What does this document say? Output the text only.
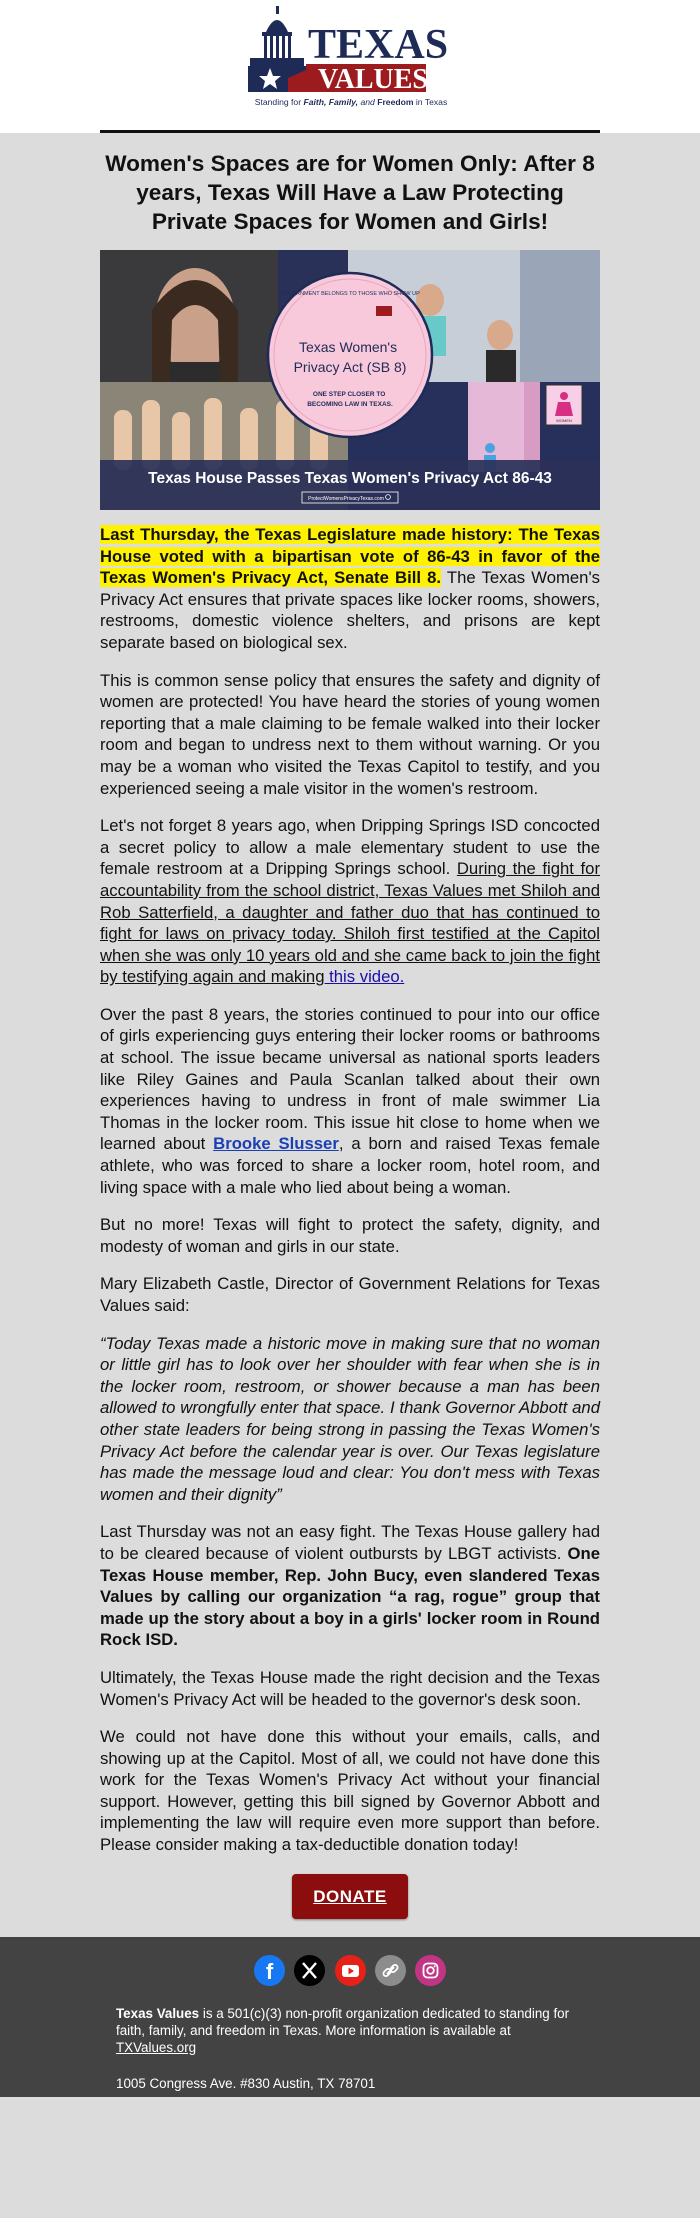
TEXAS
VALUES
Standing for Faith, Family, and Freedom in Texas
Women's Spaces are for Women Only: After 8 years, Texas Will Have a Law Protecting Private Spaces for Women and Girls!
WOMEN
GOVERNMENT BELONGS TO THOSE WHO SHOW UP
Texas Women's Privacy Act (SB 8)
ONE STEP CLOSER TO BECOMING LAW IN TEXAS.
Texas House Passes Texas Women's Privacy Act 86-43
ProtectWomensPrivacyTexas.com

Last Thursday, the Texas Legislature made history: The Texas House voted with a bipartisan vote of 86-43 in favor of the Texas Women's Privacy Act, Senate Bill 8. The Texas Women's Privacy Act ensures that private spaces like locker rooms, showers, restrooms, domestic violence shelters, and prisons are kept separate based on biological sex.

This is common sense policy that ensures the safety and dignity of women are protected! You have heard the stories of young women reporting that a male claiming to be female walked into their locker room and began to undress next to them without warning. Or you may be a woman who visited the Texas Capitol to testify, and you experienced seeing a male visitor in the women's restroom.

Let's not forget 8 years ago, when Dripping Springs ISD concocted a secret policy to allow a male elementary student to use the female restroom at a Dripping Springs school. During the fight for accountability from the school district, Texas Values met Shiloh and Rob Satterfield, a daughter and father duo that has continued to fight for laws on privacy today. Shiloh first testified at the Capitol when she was only 10 years old and she came back to join the fight by testifying again and making this video.

Over the past 8 years, the stories continued to pour into our office of girls experiencing guys entering their locker rooms or bathrooms at school. The issue became universal as national sports leaders like Riley Gaines and Paula Scanlan talked about their own experiences having to undress in front of male swimmer Lia Thomas in the locker room. This issue hit close to home when we learned about Brooke Slusser, a born and raised Texas female athlete, who was forced to share a locker room, hotel room, and living space with a male who lied about being a woman.

But no more! Texas will fight to protect the safety, dignity, and modesty of woman and girls in our state.

Mary Elizabeth Castle, Director of Government Relations for Texas Values said:

“Today Texas made a historic move in making sure that no woman or little girl has to look over her shoulder with fear when she is in the locker room, restroom, or shower because a man has been allowed to wrongfully enter that space. I thank Governor Abbott and other state leaders for being strong in passing the Texas Women's Privacy Act before the calendar year is over. Our Texas legislature has made the message loud and clear: You don't mess with Texas women and their dignity”

Last Thursday was not an easy fight. The Texas House gallery had to be cleared because of violent outbursts by LBGT activists. One Texas House member, Rep. John Bucy, even slandered Texas Values by calling our organization “a rag, rogue” group that made up the story about a boy in a girls' locker room in Round Rock ISD.

Ultimately, the Texas House made the right decision and the Texas Women's Privacy Act will be headed to the governor's desk soon.

We could not have done this without your emails, calls, and showing up at the Capitol. Most of all, we could not have done this work for the Texas Women's Privacy Act without your financial support. However, getting this bill signed by Governor Abbott and implementing the law will require even more support than before. Please consider making a tax-deductible donation today!

DONATE
f

Texas Values is a 501(c)(3) non-profit organization dedicated to standing for faith, family, and freedom in Texas. More information is available at TXValues.org
1005 Congress Ave. #830 Austin, TX 78701
